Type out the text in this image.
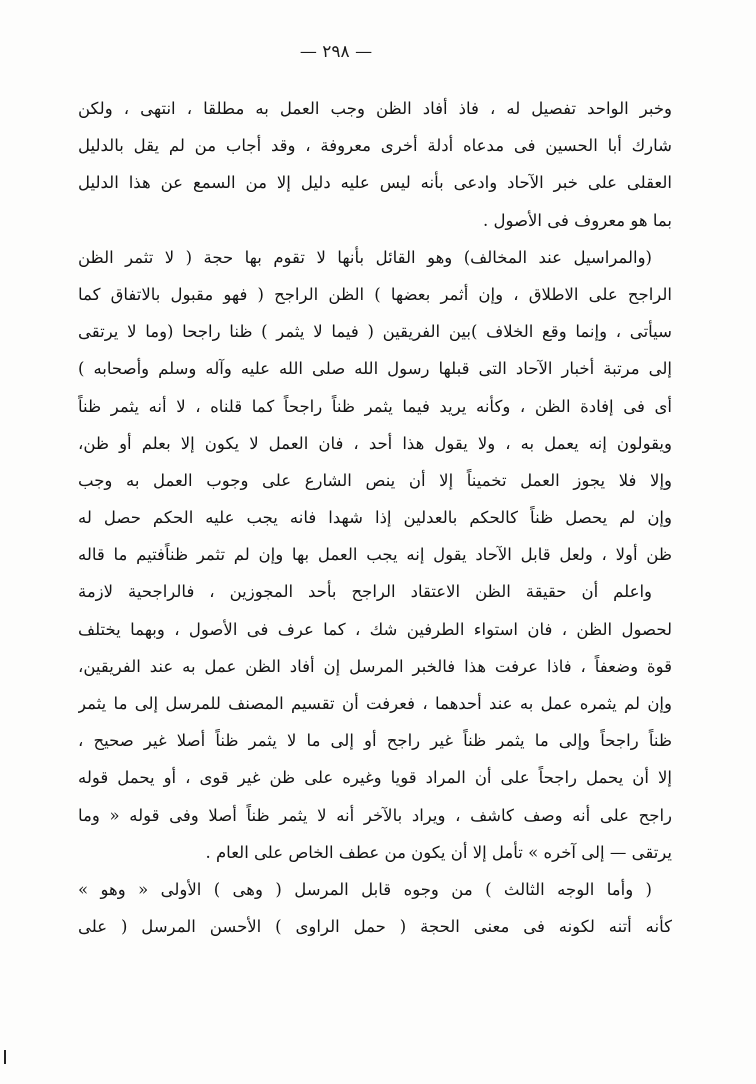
— ٢٩٨ —
وخبر الواحد تفصيل له ، فاذ أفاد الظن وجب العمل به مطلقا ، انتهى ، ولكن
شارك أبا الحسين فى مدعاه أدلة أخرى معروفة ، وقد أجاب من لم يقل بالدليل
العقلى على خبر الآحاد وادعى بأنه ليس عليه دليل إلا من السمع عن هذا الدليل
بما هو معروف فى الأصول .
(والمراسيل عند المخالف) وهو القائل بأنها لا تقوم بها حجة ( لا تثمر الظن
الراجح على الاطلاق ، وإن أثمر بعضها ) الظن الراجح ( فهو مقبول بالاتفاق كما
سيأتى ، وإنما وقع الخلاف )بين الفريقين ( فيما لا يثمر ) ظنا راجحا (وما لا يرتقى
إلى مرتبة أخبار الآحاد التى قبلها رسول الله صلى الله عليه وآله وسلم وأصحابه )
أى فى إفادة الظن ، وكأنه يريد فيما يثمر ظناً راجحاً كما قلناه ، لا أنه يثمر ظناً
ويقولون إنه يعمل به ، ولا يقول هذا أحد ، فان العمل لا يكون إلا بعلم أو ظن،
وإلا فلا يجوز العمل تخميناً إلا أن ينص الشارع على وجوب العمل به وجب
وإن لم يحصل ظناً كالحكم بالعدلين إذا شهدا فانه يجب عليه الحكم حصل له
ظن أولا ، ولعل قابل الآحاد يقول إنه يجب العمل بها وإن لم تثمر ظناًفتيم ما قاله
واعلم أن حقيقة الظن الاعتقاد الراجح بأحد المجوزين ، فالراجحية لازمة
لحصول الظن ، فان استواء الطرفين شك ، كما عرف فى الأصول ، وبهما يختلف
قوة وضعفاً ، فاذا عرفت هذا فالخبر المرسل إن أفاد الظن عمل به عند الفريقين،
وإن لم يثمره عمل به عند أحدهما ، فعرفت أن تقسيم المصنف للمرسل إلى ما يثمر
ظناً راجحاً وإلى ما يثمر ظناً غير راجح أو إلى ما لا يثمر ظناً أصلا غير صحيح ،
إلا أن يحمل راجحاً على أن المراد قويا وغيره على ظن غير قوى ، أو يحمل قوله
راجح على أنه وصف كاشف ، ويراد بالآخر أنه لا يثمر ظناً أصلا وفى قوله « وما
يرتقى — إلى آخره » تأمل إلا أن يكون من عطف الخاص على العام .
( وأما الوجه الثالث ) من وجوه قابل المرسل ( وهى ) الأولى « وهو »
كأنه أتنه لكونه فى معنى الحجة ( حمل الراوى ) الأحسن المرسل ( على
